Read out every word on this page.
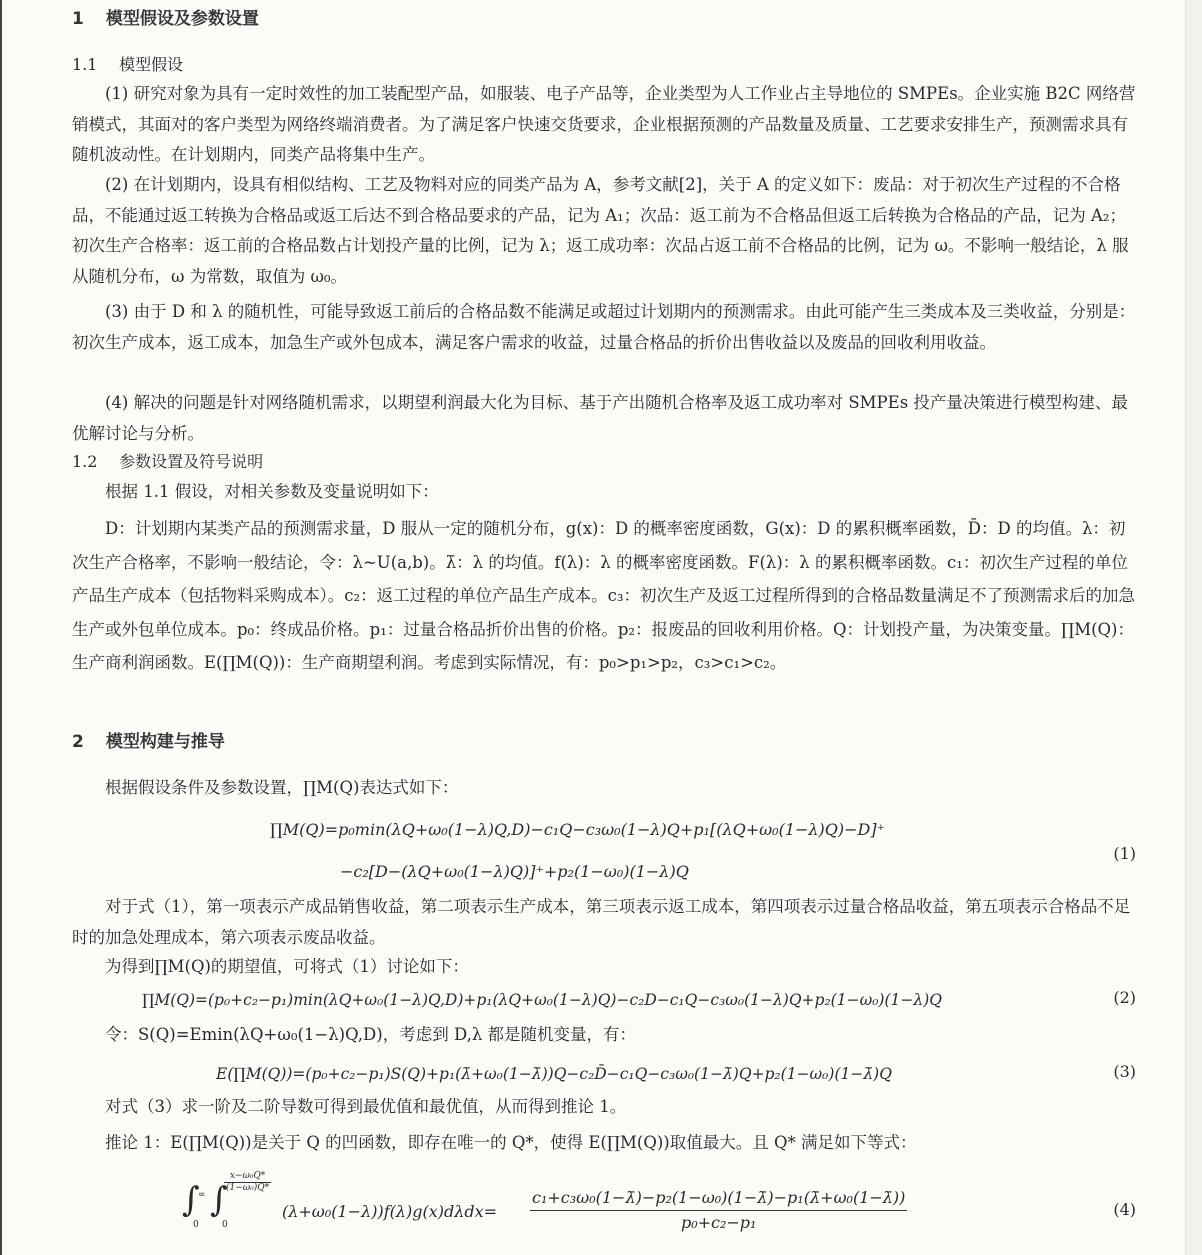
1 模型假设及参数设置
1.1 模型假设
(1) 研究对象为具有一定时效性的加工装配型产品，如服装、电子产品等，企业类型为人工作业占主导地位的 SMPEs。企业实施 B2C 网络营销模式，其面对的客户类型为网络终端消费者。为了满足客户快速交货要求，企业根据预测的产品数量及质量、工艺要求安排生产，预测需求具有随机波动性。在计划期内，同类产品将集中生产。
(2) 在计划期内，设具有相似结构、工艺及物料对应的同类产品为 A，参考文献[2]，关于 A 的定义如下：废品：对于初次生产过程的不合格品，不能通过返工转换为合格品或返工后达不到合格品要求的产品，记为 A₁；次品：返工前为不合格品但返工后转换为合格品的产品，记为 A₂；初次生产合格率：返工前的合格品数占计划投产量的比例，记为 λ；返工成功率：次品占返工前不合格品的比例，记为 ω。不影响一般结论，λ 服从随机分布，ω 为常数，取值为 ω₀。
(3) 由于 D 和 λ 的随机性，可能导致返工前后的合格品数不能满足或超过计划期内的预测需求。由此可能产生三类成本及三类收益，分别是：初次生产成本，返工成本，加急生产或外包成本，满足客户需求的收益，过量合格品的折价出售收益以及废品的回收利用收益。
(4) 解决的问题是针对网络随机需求，以期望利润最大化为目标、基于产出随机合格率及返工成功率对 SMPEs 投产量决策进行模型构建、最优解讨论与分析。
1.2 参数设置及符号说明
根据 1.1 假设，对相关参数及变量说明如下：
D：计划期内某类产品的预测需求量，D 服从一定的随机分布，g(x)：D 的概率密度函数，G(x)：D 的累积概率函数，D̄：D 的均值。λ：初次生产合格率，不影响一般结论，令：λ~U(a,b)。λ̄：λ 的均值。f(λ)：λ 的概率密度函数。F(λ)：λ 的累积概率函数。c₁：初次生产过程的单位产品生产成本（包括物料采购成本）。c₂：返工过程的单位产品生产成本。c₃：初次生产及返工过程所得到的合格品数量满足不了预测需求后的加急生产或外包单位成本。p₀：终成品价格。p₁：过量合格品折价出售的价格。p₂：报废品的回收利用价格。Q：计划投产量，为决策变量。∏M(Q)：生产商利润函数。E(∏M(Q))：生产商期望利润。考虑到实际情况，有：p₀>p₁>p₂，c₃>c₁>c₂。
2 模型构建与推导
根据假设条件及参数设置，∏M(Q)表达式如下：
∏M(Q)=p₀min(λQ+ω₀(1−λ)Q,D)−c₁Q−c₃ω₀(1−λ)Q+p₁[(λQ+ω₀(1−λ)Q)−D]⁺
−c₂[D−(λQ+ω₀(1−λ)Q)]⁺+p₂(1−ω₀)(1−λ)Q
(1)
对于式（1），第一项表示产成品销售收益，第二项表示生产成本，第三项表示返工成本，第四项表示过量合格品收益，第五项表示合格品不足时的加急处理成本，第六项表示废品收益。
为得到∏M(Q)的期望值，可将式（1）讨论如下：
∏M(Q)=(p₀+c₂−p₁)min(λQ+ω₀(1−λ)Q,D)+p₁(λQ+ω₀(1−λ)Q)−c₂D−c₁Q−c₃ω₀(1−λ)Q+p₂(1−ω₀)(1−λ)Q	(2)
令：S(Q)=Emin(λQ+ω₀(1−λ)Q,D)，考虑到 D,λ 都是随机变量，有：
E(∏M(Q))=(p₀+c₂−p₁)S(Q)+p₁(λ̄+ω₀(1−λ̄))Q−c₂D̄−c₁Q−c₃ω₀(1−λ̄)Q+p₂(1−ω₀)(1−λ̄)Q	(3)
对式（3）求一阶及二阶导数可得到最优值和最优值，从而得到推论 1。
推论 1：E(∏M(Q))是关于 Q 的凹函数，即存在唯一的 Q*，使得 E(∏M(Q))取值最大。且 Q* 满足如下等式：
∫
∞
0
∫
$\frac{\text{x−ω₀Q*}}{\text{(1−ω₀)Q*}}$
0
$(\lambda+\omega_0(1-\lambda))f(\lambda)g(x)d\lambda dx= \frac{\text{c₁+c₃ω₀(1−λ̄)−p₂(1−ω₀)(1−λ̄)−p₁(λ̄+ω₀(1−λ̄))}}{\text{p₀+c₂−p₁}}$	(4)
